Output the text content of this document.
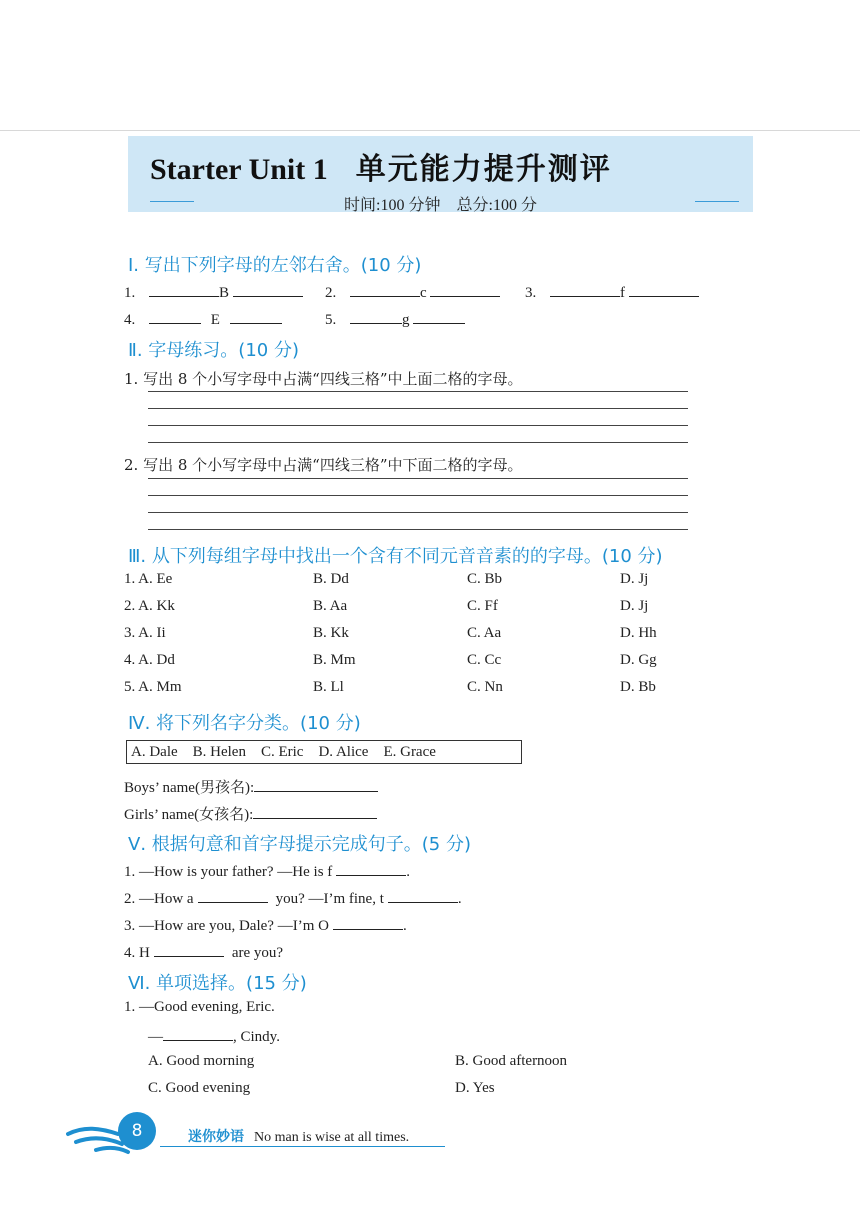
Starter Unit 1 单元能力提升测评
时间:100 分钟　总分:100 分
Ⅰ. 写出下列字母的左邻右舍。(10 分)
1.	B	2.	c	3.	f
4.	E	5.	g
Ⅱ. 字母练习。(10 分)
1. 写出 8 个小写字母中占满“四线三格”中上面二格的字母。
2. 写出 8 个小写字母中占满“四线三格”中下面二格的字母。
Ⅲ. 从下列每组字母中找出一个含有不同元音音素的的字母。(10 分)
1. A. Ee	B. Dd	C. Bb	D. Jj
2. A. Kk	B. Aa	C. Ff	D. Jj
3. A. Ii	B. Kk	C. Aa	D. Hh
4. A. Dd	B. Mm	C. Cc	D. Gg
5. A. Mm	B. Ll	C. Nn	D. Bb
Ⅳ. 将下列名字分类。(10 分)
A. Dale　B. Helen　C. Eric　D. Alice　E. Grace
Boys’ name(男孩名):
Girls’ name(女孩名):
Ⅴ. 根据句意和首字母提示完成句子。(5 分)
1. —How is your father? —He is f	.
2. —How a	you? —I’m fine, t	.
3. —How are you, Dale? —I’m O	.
4. H	are you?
Ⅵ. 单项选择。(15 分)
1. —Good evening, Eric.
—	, Cindy.
A. Good morning	B. Good afternoon
C. Good evening	D. Yes
8	迷你妙语 No man is wise at all times.
